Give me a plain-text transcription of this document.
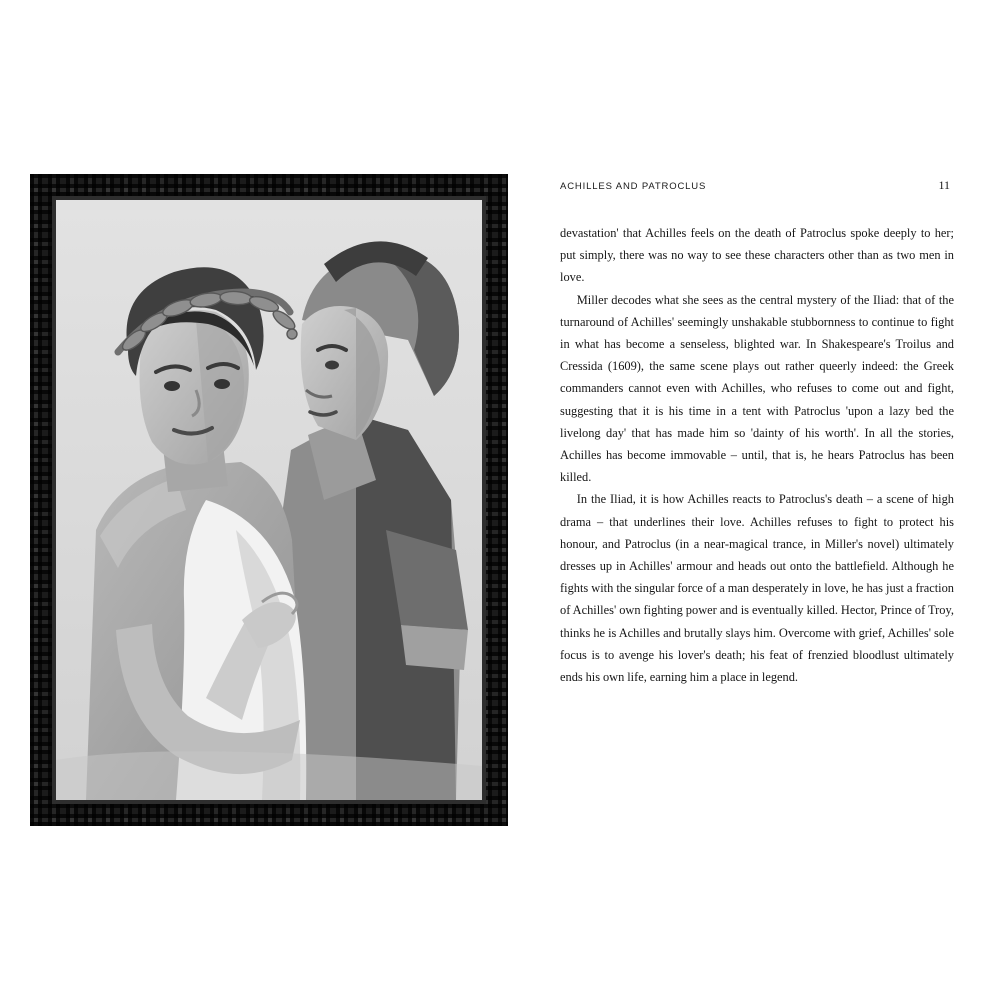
ACHILLES AND PATROCLUS	11

devastation' that Achilles feels on the death of Patroclus spoke deeply to her; put simply, there was no way to see these characters other than as two men in love.

Miller decodes what she sees as the central mystery of the Iliad: that of the turnaround of Achilles' seemingly unshakable stubbornness to continue to fight in what has become a senseless, blighted war. In Shakespeare's Troilus and Cressida (1609), the same scene plays out rather queerly indeed: the Greek commanders cannot even with Achilles, who refuses to come out and fight, suggesting that it is his time in a tent with Patroclus 'upon a lazy bed the livelong day' that has made him so 'dainty of his worth'. In all the stories, Achilles has become immovable – until, that is, he hears Patroclus has been killed.

In the Iliad, it is how Achilles reacts to Patroclus's death – a scene of high drama – that underlines their love. Achilles refuses to fight to protect his honour, and Patroclus (in a near-magical trance, in Miller's novel) ultimately dresses up in Achilles' armour and heads out onto the battlefield. Although he fights with the singular force of a man desperately in love, he has just a fraction of Achilles' own fighting power and is eventually killed. Hector, Prince of Troy, thinks he is Achilles and brutally slays him. Overcome with grief, Achilles' sole focus is to avenge his lover's death; his feat of frenzied bloodlust ultimately ends his own life, earning him a place in legend.
